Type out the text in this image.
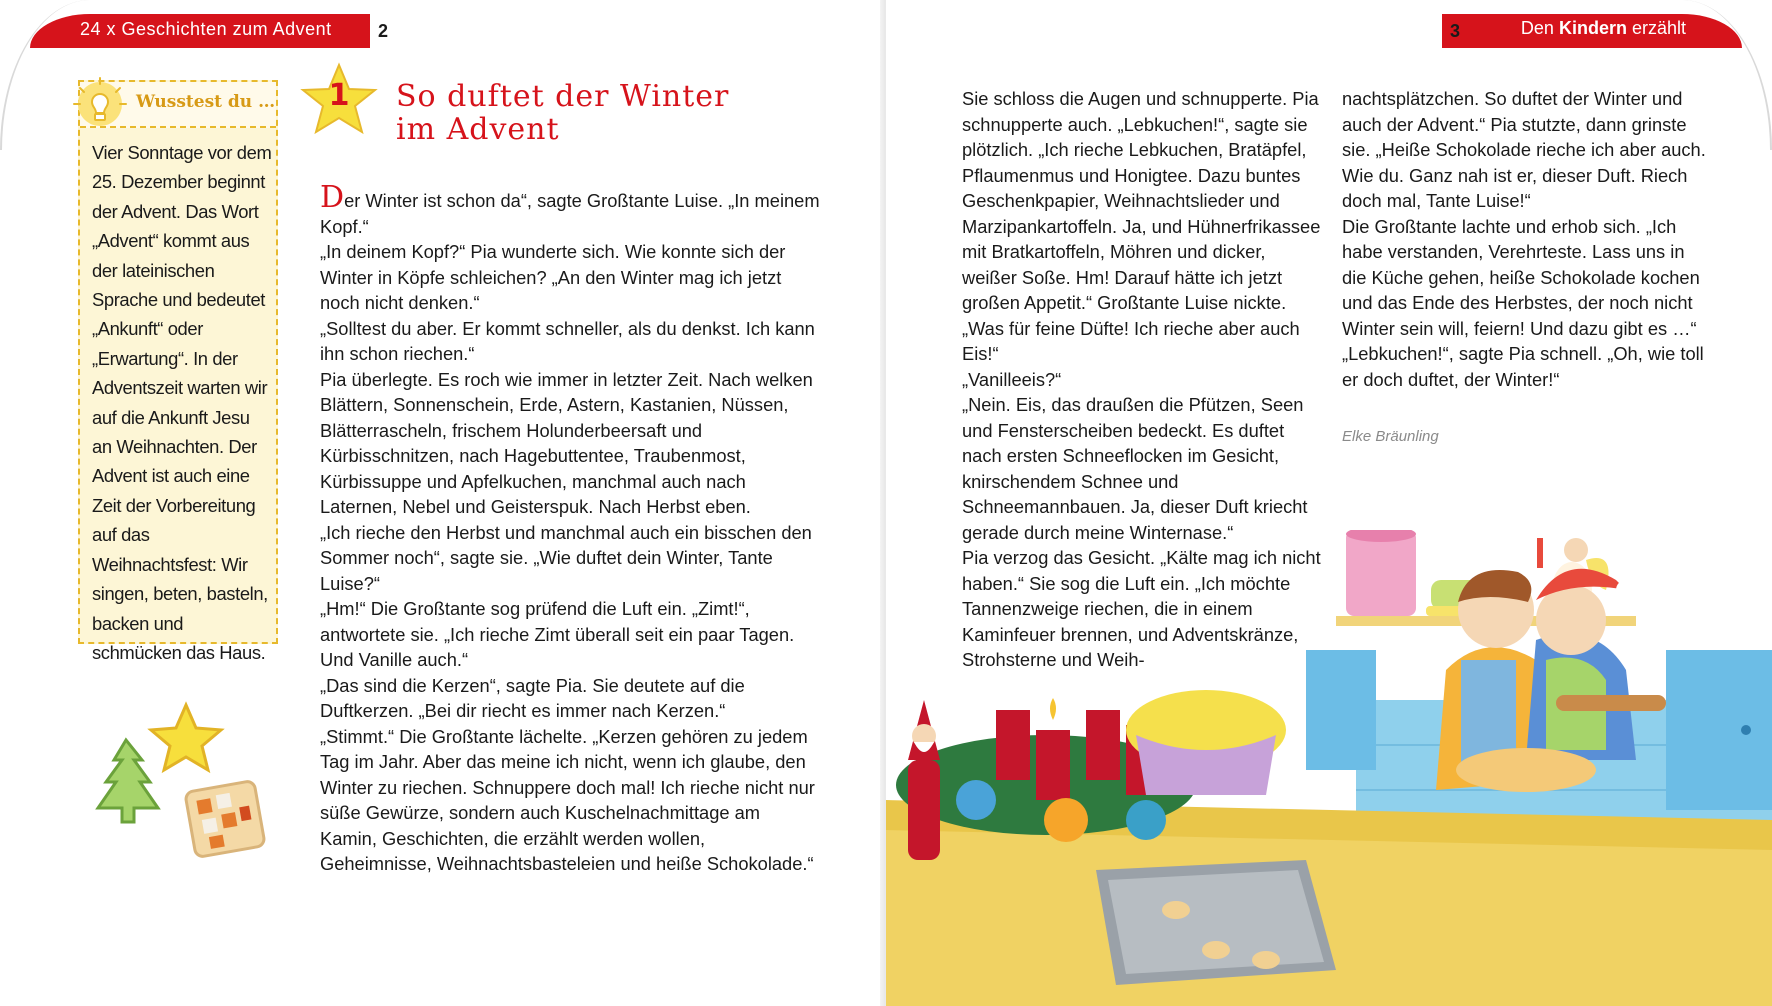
24 x Geschichten zum Advent	2
Wusstest du …
Vier Sonntage vor dem 25. Dezember beginnt der Advent. Das Wort „Advent“ kommt aus der lateinischen Sprache und bedeutet „Ankunft“ oder „Erwartung“. In der Adventszeit warten wir auf die Ankunft Jesu an Weihnachten. Der Advent ist auch eine Zeit der Vorbereitung auf das Weihnachtsfest: Wir singen, beten, basteln, backen und schmücken das Haus.
1	So duftet der Winter
im Advent
Der Winter ist schon da“, sagte Großtante Luise. „In meinem Kopf.“
„In deinem Kopf?“ Pia wunderte sich. Wie konnte sich der Winter in Köpfe schleichen? „An den Winter mag ich jetzt noch nicht denken.“
„Solltest du aber. Er kommt schneller, als du denkst. Ich kann ihn schon riechen.“
Pia überlegte. Es roch wie immer in letzter Zeit. Nach welken Blättern, Sonnenschein, Erde, Astern, Kastanien, Nüssen, Blätterrascheln, frischem Holunderbeersaft und Kürbisschnitzen, nach Hagebuttentee, Traubenmost, Kürbissuppe und Apfelkuchen, manchmal auch nach Laternen, Nebel und Geisterspuk. Nach Herbst eben.
„Ich rieche den Herbst und manchmal auch ein bisschen den Sommer noch“, sagte sie. „Wie duftet dein Winter, Tante Luise?“
„Hm!“ Die Großtante sog prüfend die Luft ein. „Zimt!“, antwortete sie. „Ich rieche Zimt überall seit ein paar Tagen. Und Vanille auch.“
„Das sind die Kerzen“, sagte Pia. Sie deutete auf die Duftkerzen. „Bei dir riecht es immer nach Kerzen.“
„Stimmt.“ Die Großtante lächelte. „Kerzen gehören zu jedem Tag im Jahr. Aber das meine ich nicht, wenn ich glaube, den Winter zu riechen. Schnuppere doch mal! Ich rieche nicht nur süße Gewürze, sondern auch Kuschelnachmittage am Kamin, Geschichten, die erzählt werden wollen, Geheimnisse, Weihnachtsbasteleien und heiße Schokolade.“
Den Kindern erzählt
3
Sie schloss die Augen und schnupperte. Pia schnupperte auch. „Lebkuchen!“, sagte sie plötzlich. „Ich rieche Lebkuchen, Bratäpfel, Pflaumenmus und Honigtee. Dazu buntes Geschenkpapier, Weihnachtslieder und Marzipankartoffeln. Ja, und Hühnerfrikassee mit Bratkartoffeln, Möhren und dicker, weißer Soße. Hm! Darauf hätte ich jetzt großen Appetit.“ Großtante Luise nickte. „Was für feine Düfte! Ich rieche aber auch Eis!“
„Vanilleeis?“
„Nein. Eis, das draußen die Pfützen, Seen und Fensterscheiben bedeckt. Es duftet nach ersten Schneeflocken im Gesicht, knirschendem Schnee und Schneemannbauen. Ja, dieser Duft kriecht gerade durch meine Winternase.“
Pia verzog das Gesicht. „Kälte mag ich nicht haben.“ Sie sog die Luft ein. „Ich möchte Tannenzweige riechen, die in einem Kaminfeuer brennen, und Adventskränze, Strohsterne und Weih-
nachtsplätzchen. So duftet der Winter und auch der Advent.“ Pia stutzte, dann grinste sie. „Heiße Schokolade rieche ich aber auch. Wie du. Ganz nah ist er, dieser Duft. Riech doch mal, Tante Luise!“
Die Großtante lachte und erhob sich. „Ich habe verstanden, Verehrteste. Lass uns in die Küche gehen, heiße Schokolade kochen und das Ende des Herbstes, der noch nicht Winter sein will, feiern! Und dazu gibt es …“
„Lebkuchen!“, sagte Pia schnell. „Oh, wie toll er doch duftet, der Winter!“
Elke Bräunling
